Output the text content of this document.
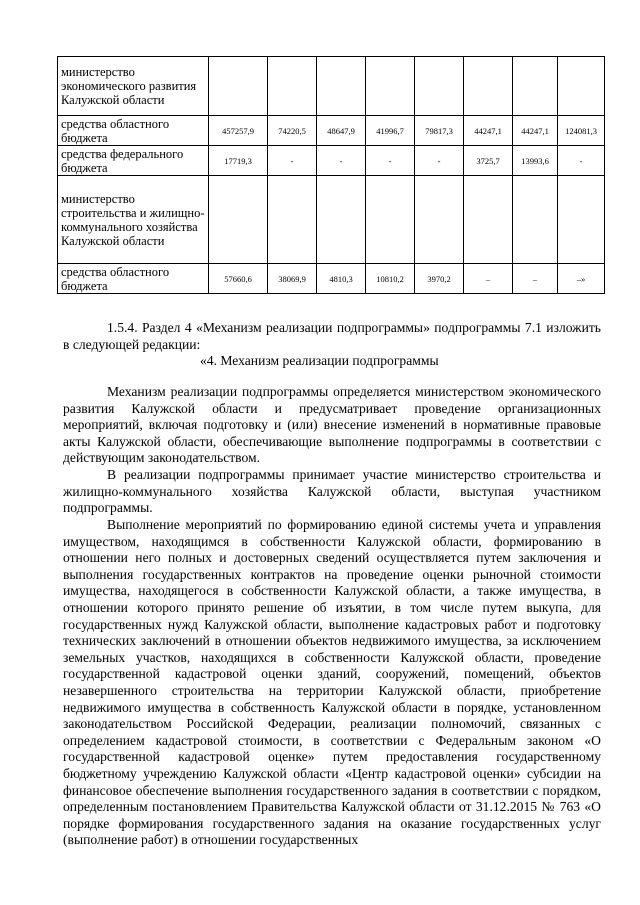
министерство экономического развития Калужской области								
средства областного бюджета	457257,9	74220,5	48647,9	41996,7	79817,3	44247,1	44247,1	124081,3
средства федерального бюджета	17719,3	-	-	-	-	3725,7	13993,6	-
министерство строительства и жилищно-коммунального хозяйства Калужской области								
средства областного бюджета	57660,6	38069,9	4810,3	10810,2	3970,2	–	–	–»

1.5.4. Раздел 4 «Механизм реализации подпрограммы» подпрограммы 7.1 изложить в следующей редакции:

«4. Механизм реализации подпрограммы

Механизм реализации подпрограммы определяется министерством экономического развития Калужской области и предусматривает проведение организационных мероприятий, включая подготовку и (или) внесение изменений в нормативные правовые акты Калужской области, обеспечивающие выполнение подпрограммы в соответствии с действующим законодательством.

В реализации подпрограммы принимает участие министерство строительства и жилищно-коммунального хозяйства Калужской области, выступая участником подпрограммы.

Выполнение мероприятий по формированию единой системы учета и управления имуществом, находящимся в собственности Калужской области, формированию в отношении него полных и достоверных сведений осуществляется путем заключения и выполнения государственных контрактов на проведение оценки рыночной стоимости имущества, находящегося в собственности Калужской области, а также имущества, в отношении которого принято решение об изъятии, в том числе путем выкупа, для государственных нужд Калужской области, выполнение кадастровых работ и подготовку технических заключений в отношении объектов недвижимого имущества, за исключением земельных участков, находящихся в собственности Калужской области, проведение государственной кадастровой оценки зданий, сооружений, помещений, объектов незавершенного строительства на территории Калужской области, приобретение недвижимого имущества в собственность Калужской области в порядке, установленном законодательством Российской Федерации, реализации полномочий, связанных с определением кадастровой стоимости, в соответствии с Федеральным законом «О государственной кадастровой оценке» путем предоставления государственному бюджетному учреждению Калужской области «Центр кадастровой оценки» субсидии на финансовое обеспечение выполнения государственного задания в соответствии с порядком, определенным постановлением Правительства Калужской области от 31.12.2015 № 763 «О порядке формирования государственного задания на оказание государственных услуг (выполнение работ) в отношении государственных
